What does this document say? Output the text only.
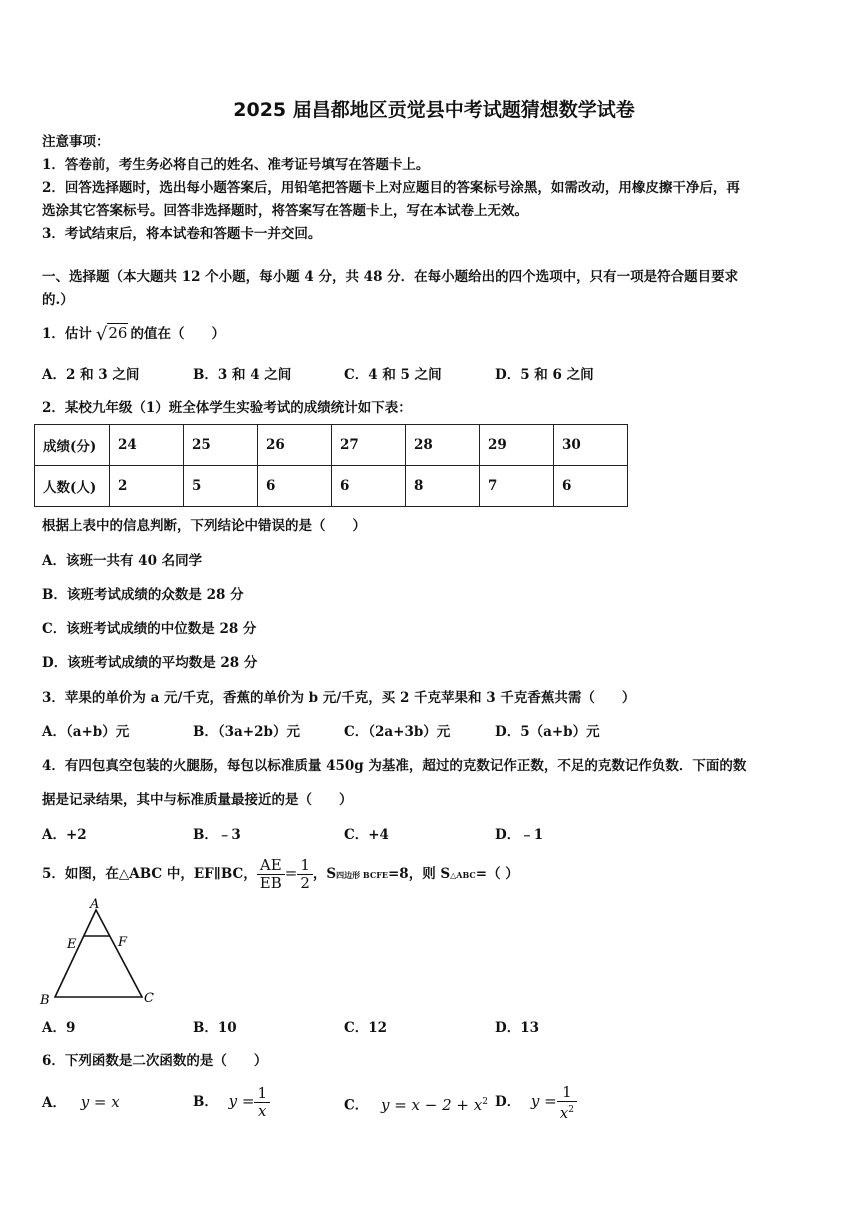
2025 届昌都地区贡觉县中考试题猜想数学试卷
注意事项：
1．答卷前，考生务必将自己的姓名、准考证号填写在答题卡上。
2．回答选择题时，选出每小题答案后，用铅笔把答题卡上对应题目的答案标号涂黑，如需改动，用橡皮擦干净后，再
选涂其它答案标号。回答非选择题时，将答案写在答题卡上，写在本试卷上无效。
3．考试结束后，将本试卷和答题卡一并交回。
一、选择题（本大题共 12 个小题，每小题 4 分，共 48 分．在每小题给出的四个选项中，只有一项是符合题目要求
的.）
1．估计 √26 的值在（　　）
A．2 和 3 之间	B．3 和 4 之间	C．4 和 5 之间	D．5 和 6 之间
2．某校九年级（1）班全体学生实验考试的成绩统计如下表：
成绩(分)	24	25	26	27	28	29	30
人数(人)	2	5	6	6	8	7	6
根据上表中的信息判断，下列结论中错误的是（　　）
A．该班一共有 40 名同学
B．该班考试成绩的众数是 28 分
C．该班考试成绩的中位数是 28 分
D．该班考试成绩的平均数是 28 分
3．苹果的单价为 a 元/千克，香蕉的单价为 b 元/千克，买 2 千克苹果和 3 千克香蕉共需（　　）
A．（a+b）元	B．（3a+2b）元	C．（2a+3b）元	D．5（a+b）元
4．有四包真空包装的火腿肠，每包以标准质量 450g 为基准，超过的克数记作正数，不足的克数记作负数．下面的数
据是记录结果，其中与标准质量最接近的是（　　）
A．+2	B．﹣3	C．+4	D．﹣1
5．如图，在△ABC 中，EF∥BC， $\frac{AE}{EB} = \frac{1}{2}$ ，S四边形 BCFE=8，则 S△ABC=（ ）
A
E	F
B	C
A．9	B．10	C．12	D．13
6．下列函数是二次函数的是（　　）
A． y = x	B． $y = \frac{1}{x}$	C． $y = x - 2 + x^2$ D． $y = \frac{1}{x^2}$
